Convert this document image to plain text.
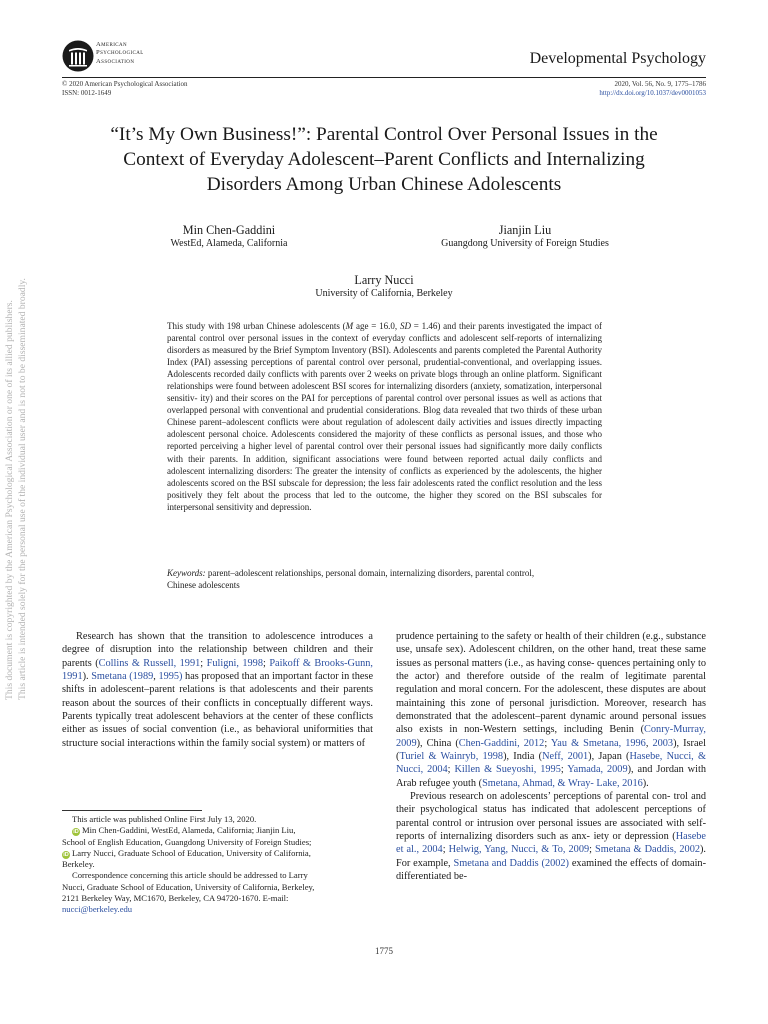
American
Psychological
Association	Developmental Psychology
© 2020 American Psychological Association
ISSN: 0012-1649
2020, Vol. 56, No. 9, 1775–1786
http://dx.doi.org/10.1037/dev0001053
“It’s My Own Business!”: Parental Control Over Personal Issues in the
Context of Everyday Adolescent–Parent Conflicts and Internalizing
Disorders Among Urban Chinese Adolescents
Min Chen-Gaddini
WestEd, Alameda, California
Jianjin Liu
Guangdong University of Foreign Studies
Larry Nucci
University of California, Berkeley
This study with 198 urban Chinese adolescents (M age = 16.0, SD = 1.46) and their parents investigated the impact of parental control over personal issues in the context of everyday conflicts and adolescent self-reports of internalizing disorders as measured by the Brief Symptom Inventory (BSI). Adolescents and parents completed the Parental Authority Index (PAI) assessing perceptions of parental control over personal, prudential-conventional, and overlapping issues. Adolescents recorded daily conflicts with parents over 2 weeks on private blogs through an online platform. Significant relationships were found between adolescent BSI scores for internalizing disorders (anxiety, somatization, interpersonal sensitiv- ity) and their scores on the PAI for perceptions of parental control over personal issues as well as actions that overlapped personal with conventional and prudential considerations. Blog data revealed that two thirds of these urban Chinese parent–adolescent conflicts were about regulation of adolescent daily activities and issues directly impacting adolescent personal choice. Adolescents considered the majority of these conflicts as personal issues, and those who reported perceiving a higher level of parental control over their personal issues had significantly more daily conflicts with their parents. In addition, significant associations were found between reported actual daily conflicts and adolescent internalizing disorders: The greater the intensity of conflicts as experienced by the adolescents, the higher adolescents scored on the BSI subscale for depression; the less fair adolescents rated the conflict resolution and the less positively they felt about the process that led to the outcome, the higher they scored on the BSI subscales for interpersonal sensitivity and depression.
Keywords: parent–adolescent relationships, personal domain, internalizing disorders, parental control,
Chinese adolescents

Research has shown that the transition to adolescence introduces a degree of disruption into the relationship between children and their parents (Collins & Russell, 1991; Fuligni, 1998; Paikoff & Brooks-Gunn, 1991). Smetana (1989, 1995) has proposed that an important factor in these shifts in adolescent–parent relations is that adolescents and their parents reason about the sources of their conflicts in conceptually different ways. Parents typically treat adolescent behaviors at the center of these conflicts either as issues of social convention (i.e., as behavioral uniformities that structure social interactions within the family social system) or matters of

prudence pertaining to the safety or health of their children (e.g., substance use, unsafe sex). Adolescent children, on the other hand, treat these same issues as personal matters (i.e., as having conse- quences pertaining only to the actor) and therefore outside of the realm of legitimate parental regulation and moral concern. For the adolescent, these disputes are about maintaining this zone of personal jurisdiction. Moreover, research has demonstrated that the adolescent–parent dynamic around personal issues also exists in non-Western settings, including Benin (Conry-Murray, 2009), China (Chen-Gaddini, 2012; Yau & Smetana, 1996, 2003), Israel (Turiel & Wainryb, 1998), India (Neff, 2001), Japan (Hasebe, Nucci, & Nucci, 2004; Killen & Sueyoshi, 1995; Yamada, 2009), and Jordan with Arab refugee youth (Smetana, Ahmad, & Wray- Lake, 2016).

Previous research on adolescents’ perceptions of parental con- trol and their psychological status has indicated that adolescent perceptions of parental control or intrusion over personal issues are associated with self-reports of internalizing disorders such as anx- iety or depression (Hasebe et al., 2004; Helwig, Yang, Nucci, & To, 2009; Smetana & Daddis, 2002). For example, Smetana and Daddis (2002) examined the effects of domain-differentiated be-

This article was published Online First July 13, 2020.

iD Min Chen-Gaddini, WestEd, Alameda, California; Jianjin Liu,
School of English Education, Guangdong University of Foreign Studies;
iD Larry Nucci, Graduate School of Education, University of California,
Berkeley.

Correspondence concerning this article should be addressed to Larry
Nucci, Graduate School of Education, University of California, Berkeley,
2121 Berkeley Way, MC1670, Berkeley, CA 94720-1670. E-mail:
nucci@berkeley.edu

1775
This document is copyrighted by the American Psychological Association or one of its allied publishers. This article is intended solely for the personal use of the individual user and is not to be disseminated broadly.
